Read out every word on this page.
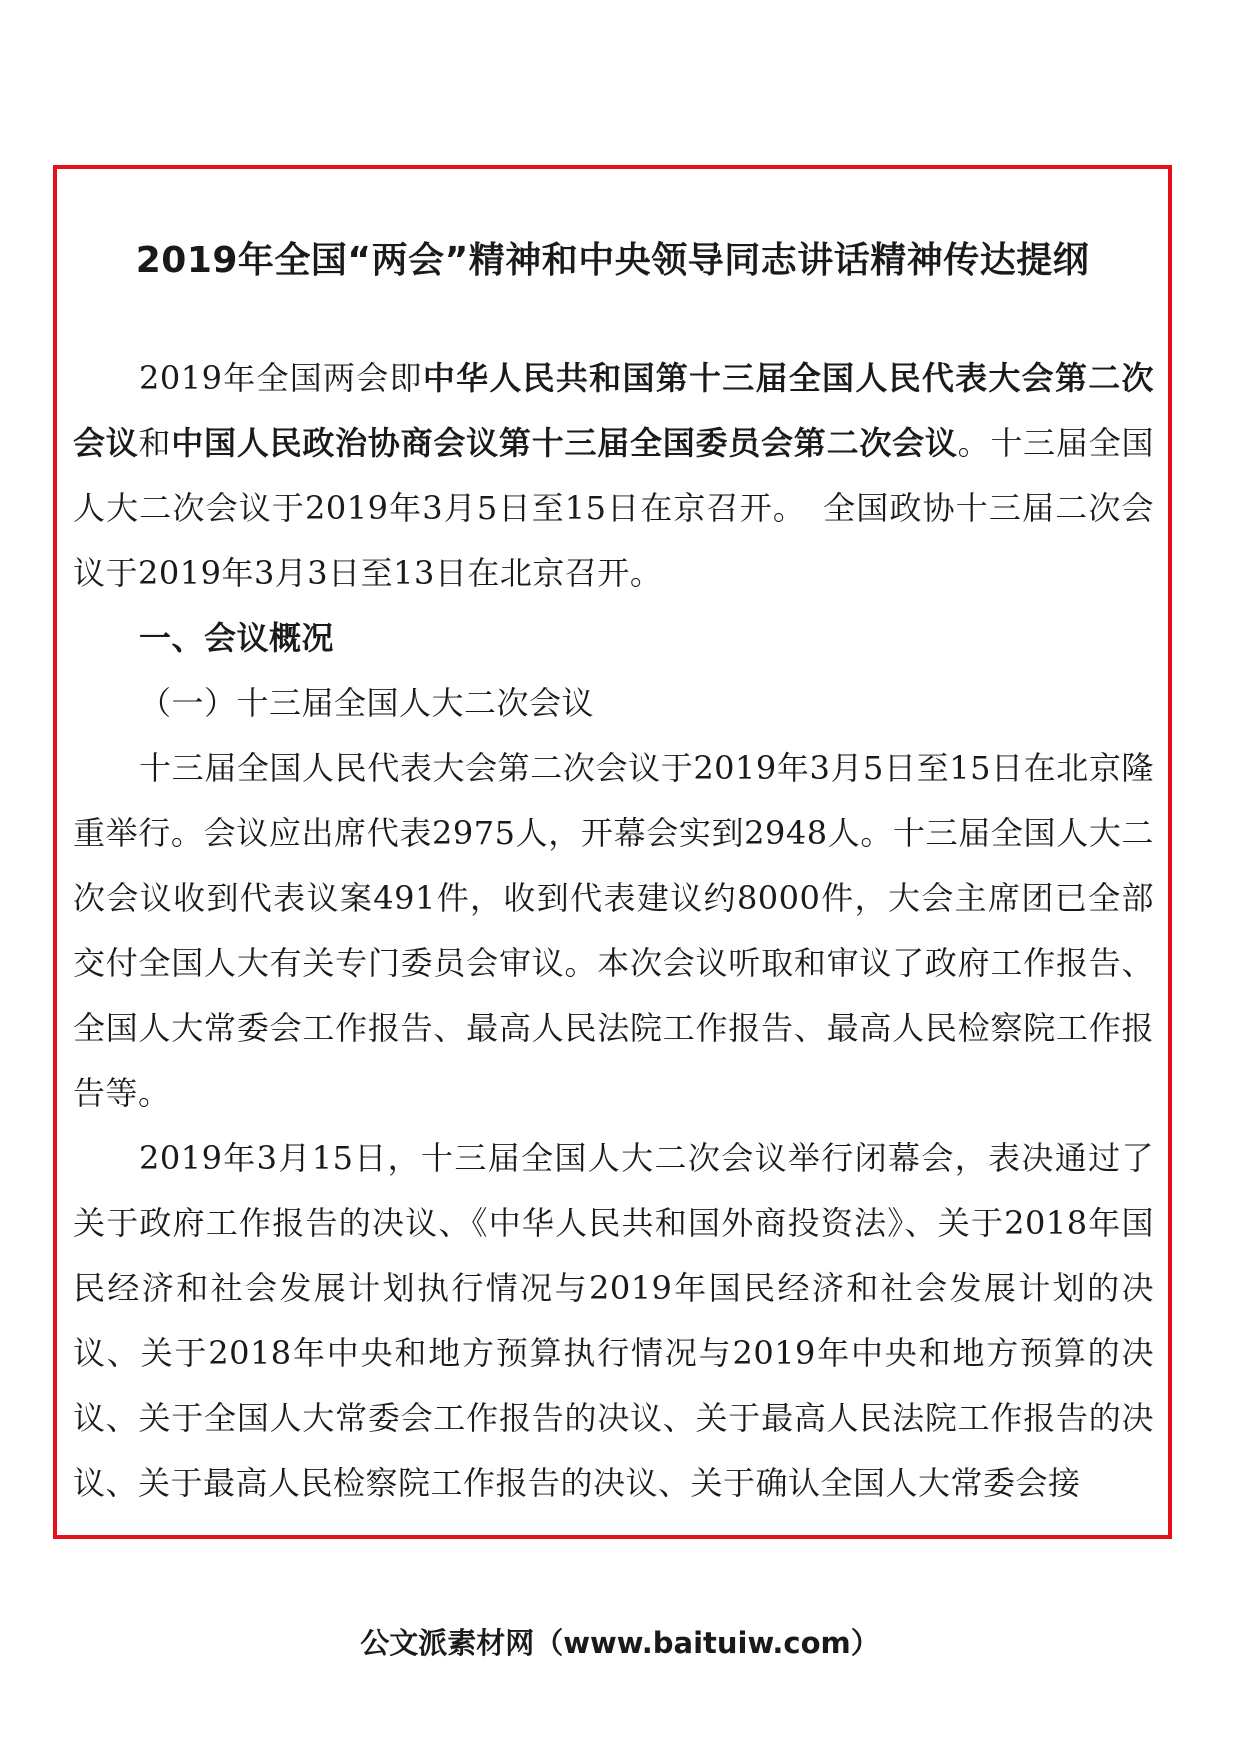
2019年全国“两会”精神和中央领导同志讲话精神传达提纲

2019年全国两会即中华人民共和国第十三届全国人民代表大会第二次会议和中国人民政治协商会议第十三届全国委员会第二次会议。十三届全国人大二次会议于2019年3月5日至15日在京召开。　全国政协十三届二次会议于2019年3月3日至13日在北京召开。

一、会议概况

（一）十三届全国人大二次会议

十三届全国人民代表大会第二次会议于2019年3月5日至15日在北京隆重举行。会议应出席代表2975人，开幕会实到2948人。十三届全国人大二次会议收到代表议案491件，收到代表建议约8000件，大会主席团已全部交付全国人大有关专门委员会审议。本次会议听取和审议了政府工作报告、全国人大常委会工作报告、最高人民法院工作报告、最高人民检察院工作报告等。

2019年3月15日，十三届全国人大二次会议举行闭幕会，表决通过了关于政府工作报告的决议、《中华人民共和国外商投资法》、关于2018年国民经济和社会发展计划执行情况与2019年国民经济和社会发展计划的决议、关于2018年中央和地方预算执行情况与2019年中央和地方预算的决议、关于全国人大常委会工作报告的决议、关于最高人民法院工作报告的决议、关于最高人民检察院工作报告的决议、关于确认全国人大常委会接

公文派素材网（www.baituiw.com）
